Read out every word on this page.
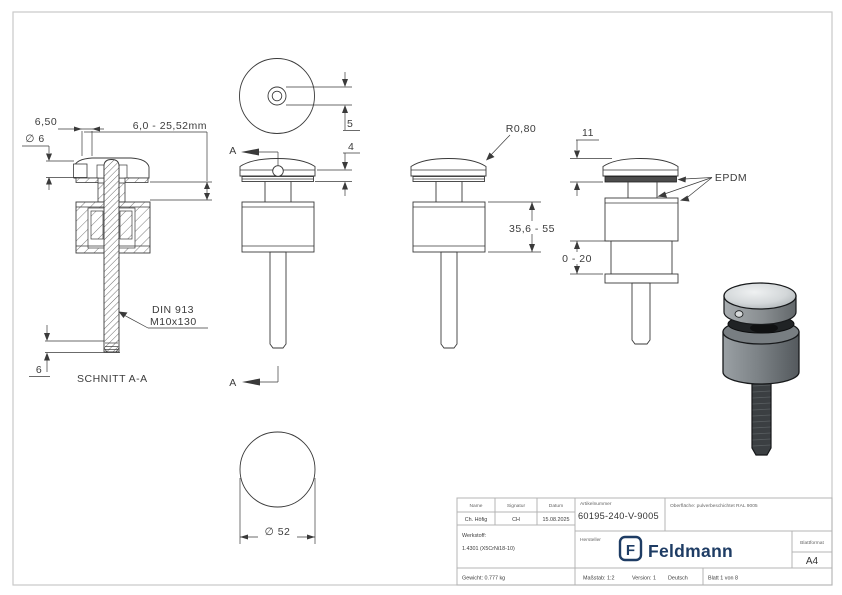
6,50
∅ 6
6,0 - 25,52mm
6
DIN 913
M10x130
SCHNITT A-A
5
4
A
A
R0,80
35,6 - 55
11
0 - 20
EPDM
∅ 52
Name	Signatur	Datum
Ch. Höfig	CH	15.08.2025
Artikelnummer
60195-240-V-9005
Oberfläche: pulverbeschichtet RAL 9005
Werkstoff:
1.4301 (X5CrNi18-10)
Hersteller
F Feldmann	Blattformat
A4
Gewicht: 0.777 kg	Maßstab: 1:2	Version: 1 Deutsch	Blatt 1 von 8
